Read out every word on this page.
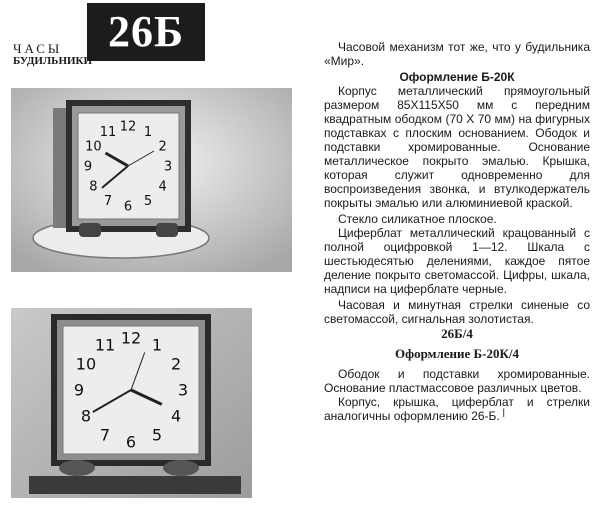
26Б
ЧАСЫ
БУДИЛЬНИКИ
12 1
2
3
4
5
6
7
8
9
10
11
12 1
2
3
4
5
6
7
8
9
10
11

Часовой механизм тот же, что у будильника «Мир».

Оформление Б-20К

Корпус металлический прямоугольный размером 85Х115Х50 мм с передним квадратным ободком (70 Х 70 мм) на фигурных подставках с плоским основанием. Ободок и подставки хромированные. Основание металлическое покрыто эмалью. Крышка, которая служит одновременно для воспроизведения звонка, и втулкодержатель покрыты эмалью или алюминиевой краской.

Стекло силикатное плоское.

Циферблат металлический крацованный с полной оцифровкой 1—12. Шкала с шестьюдесятью делениями, каждое пятое деление покрыто светомассой. Цифры, шкала, надписи на циферблате черные.

Часовая и минутная стрелки синеные со светомассой, сигнальная золотистая.

26Б/4

Оформление Б-20К/4

Ободок и подставки хромированные. Основание пластмассовое различных цветов.

Корпус, крышка, циферблат и стрелки аналогичны оформлению 26-Б. Ι
